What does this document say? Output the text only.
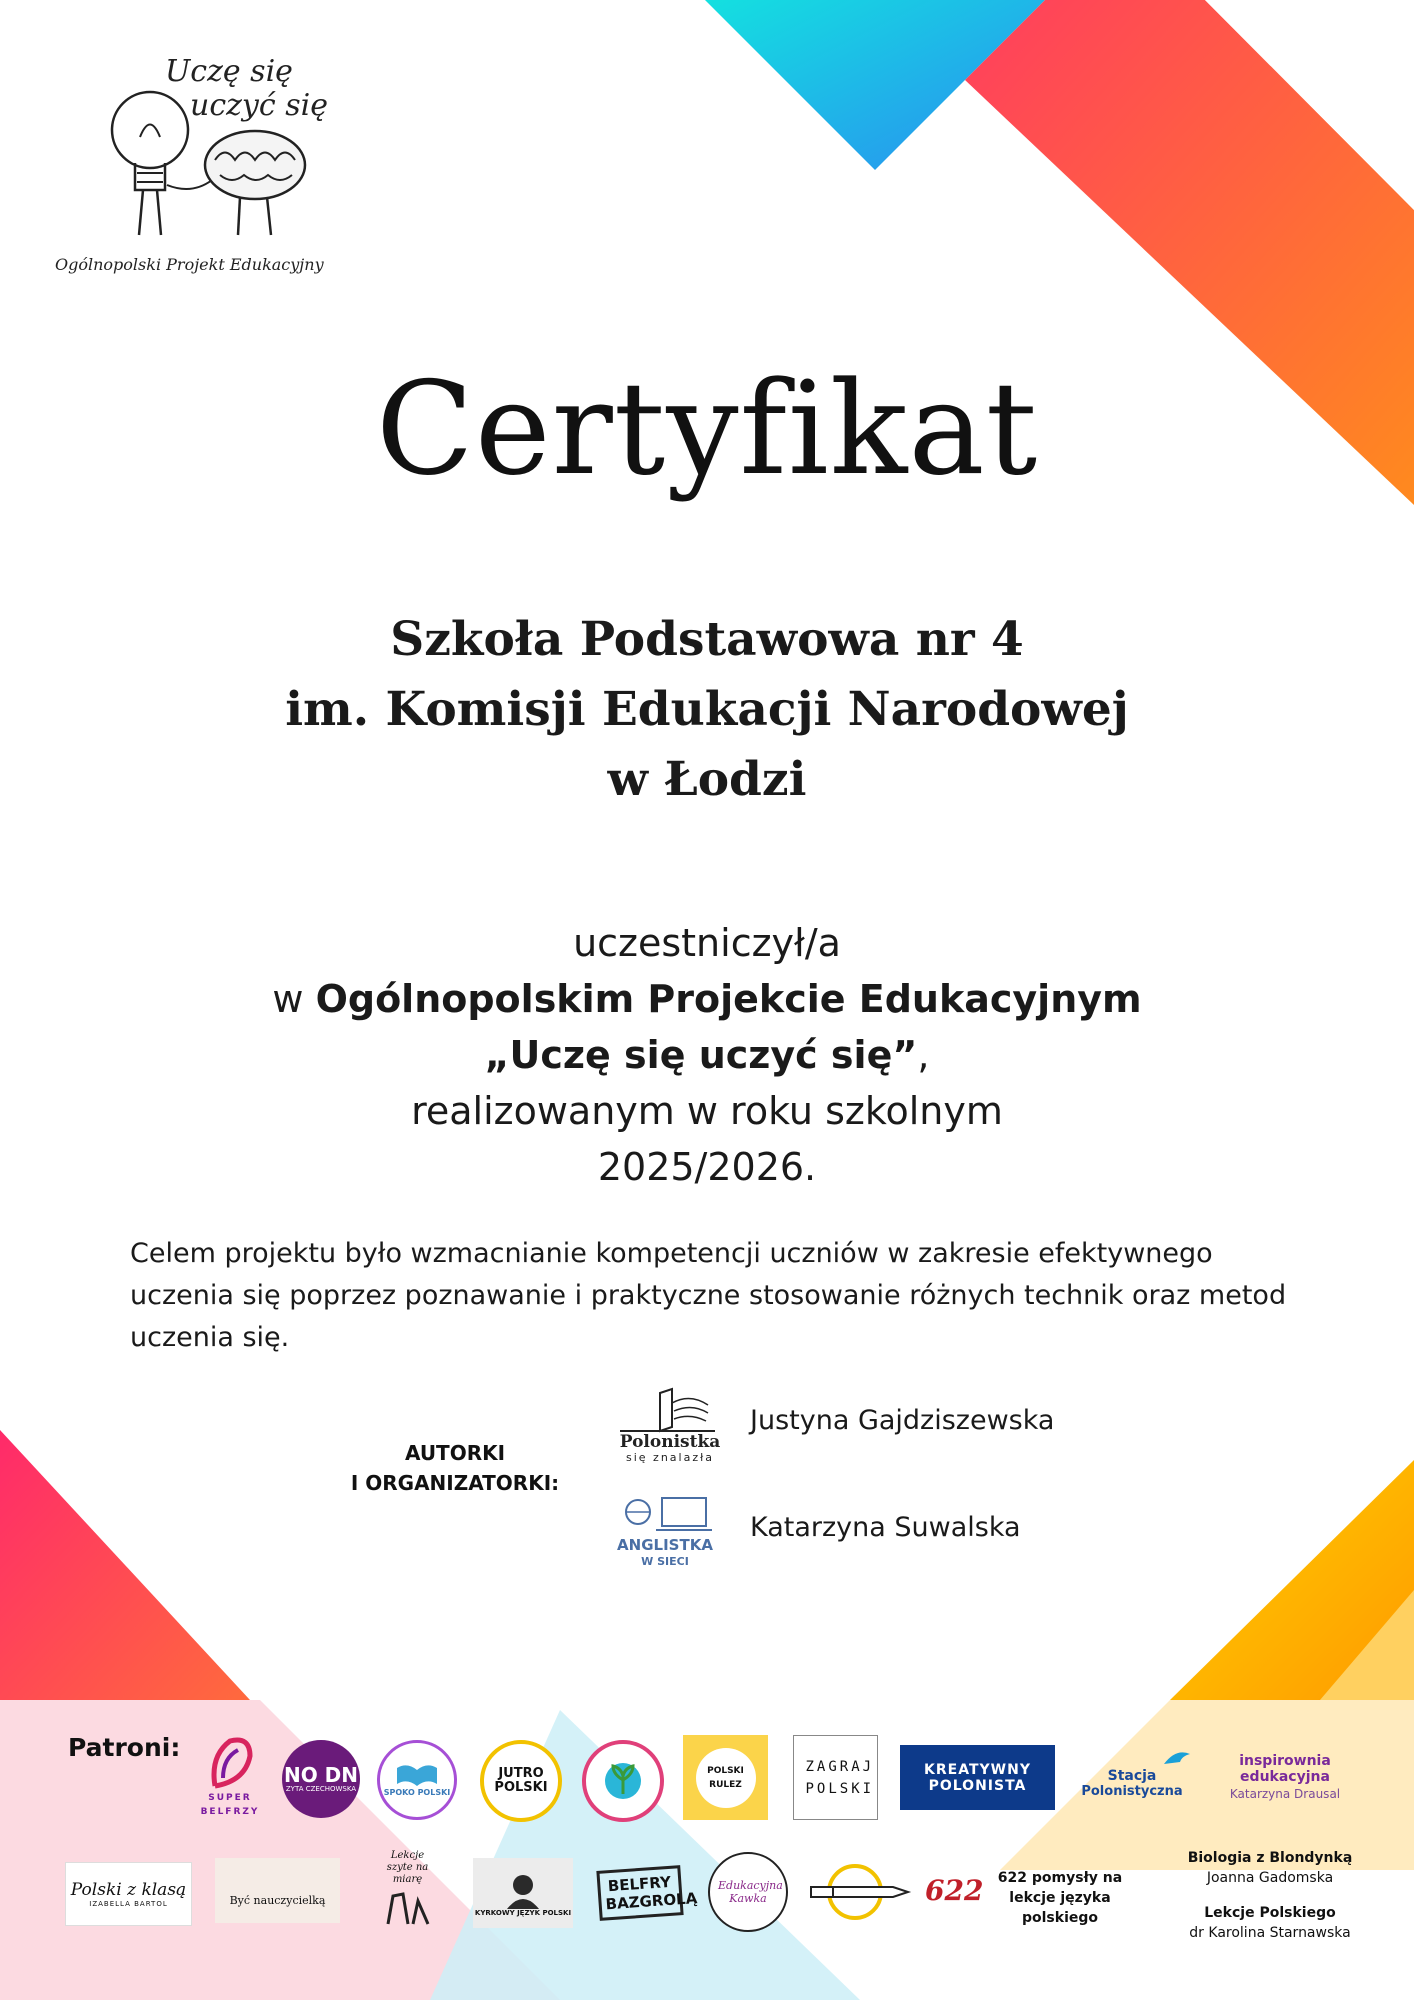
Uczę się
uczyć się
Ogólnopolski Projekt Edukacyjny
Certyfikat
Szkoła Podstawowa nr 4
im. Komisji Edukacji Narodowej
w Łodzi
uczestniczył/a
w Ogólnopolskim Projekcie Edukacyjnym
„Uczę się uczyć się”,
realizowanym w roku szkolnym
2025/2026.
Celem projektu było wzmacnianie kompetencji uczniów w zakresie efektywnego uczenia się poprzez poznawanie i praktyczne stosowanie różnych technik oraz metod uczenia się.
AUTORKI
I ORGANIZATORKI:
Polonistka
się znalazła
Justyna Gajdziszewska
ANGLISTKA
W SIECI
Katarzyna Suwalska
Patroni:
SUPER BELFRZY
NO DN
ZYTA CZECHOWSKA	SPOKO POLSKI
JUTRO POLSKI
POLSKI RULEZ
ZAGRAJ POLSKI
KREATYWNY
POLONISTA
Stacja
Polonistyczna
inspirownia edukacyjna
Katarzyna Drausal
Polski z klasą
IZABELLA BARTOL	Być nauczycielką
Lekcje szyte na miarę
KYRKOWY JĘZYK POLSKI
BELFRY BAZGROLĄ
Edukacyjna Kawka	622	622 pomysły na lekcje języka polskiego
Biologia z Blondynką
Joanna Gadomska
Lekcje Polskiego
dr Karolina Starnawska
